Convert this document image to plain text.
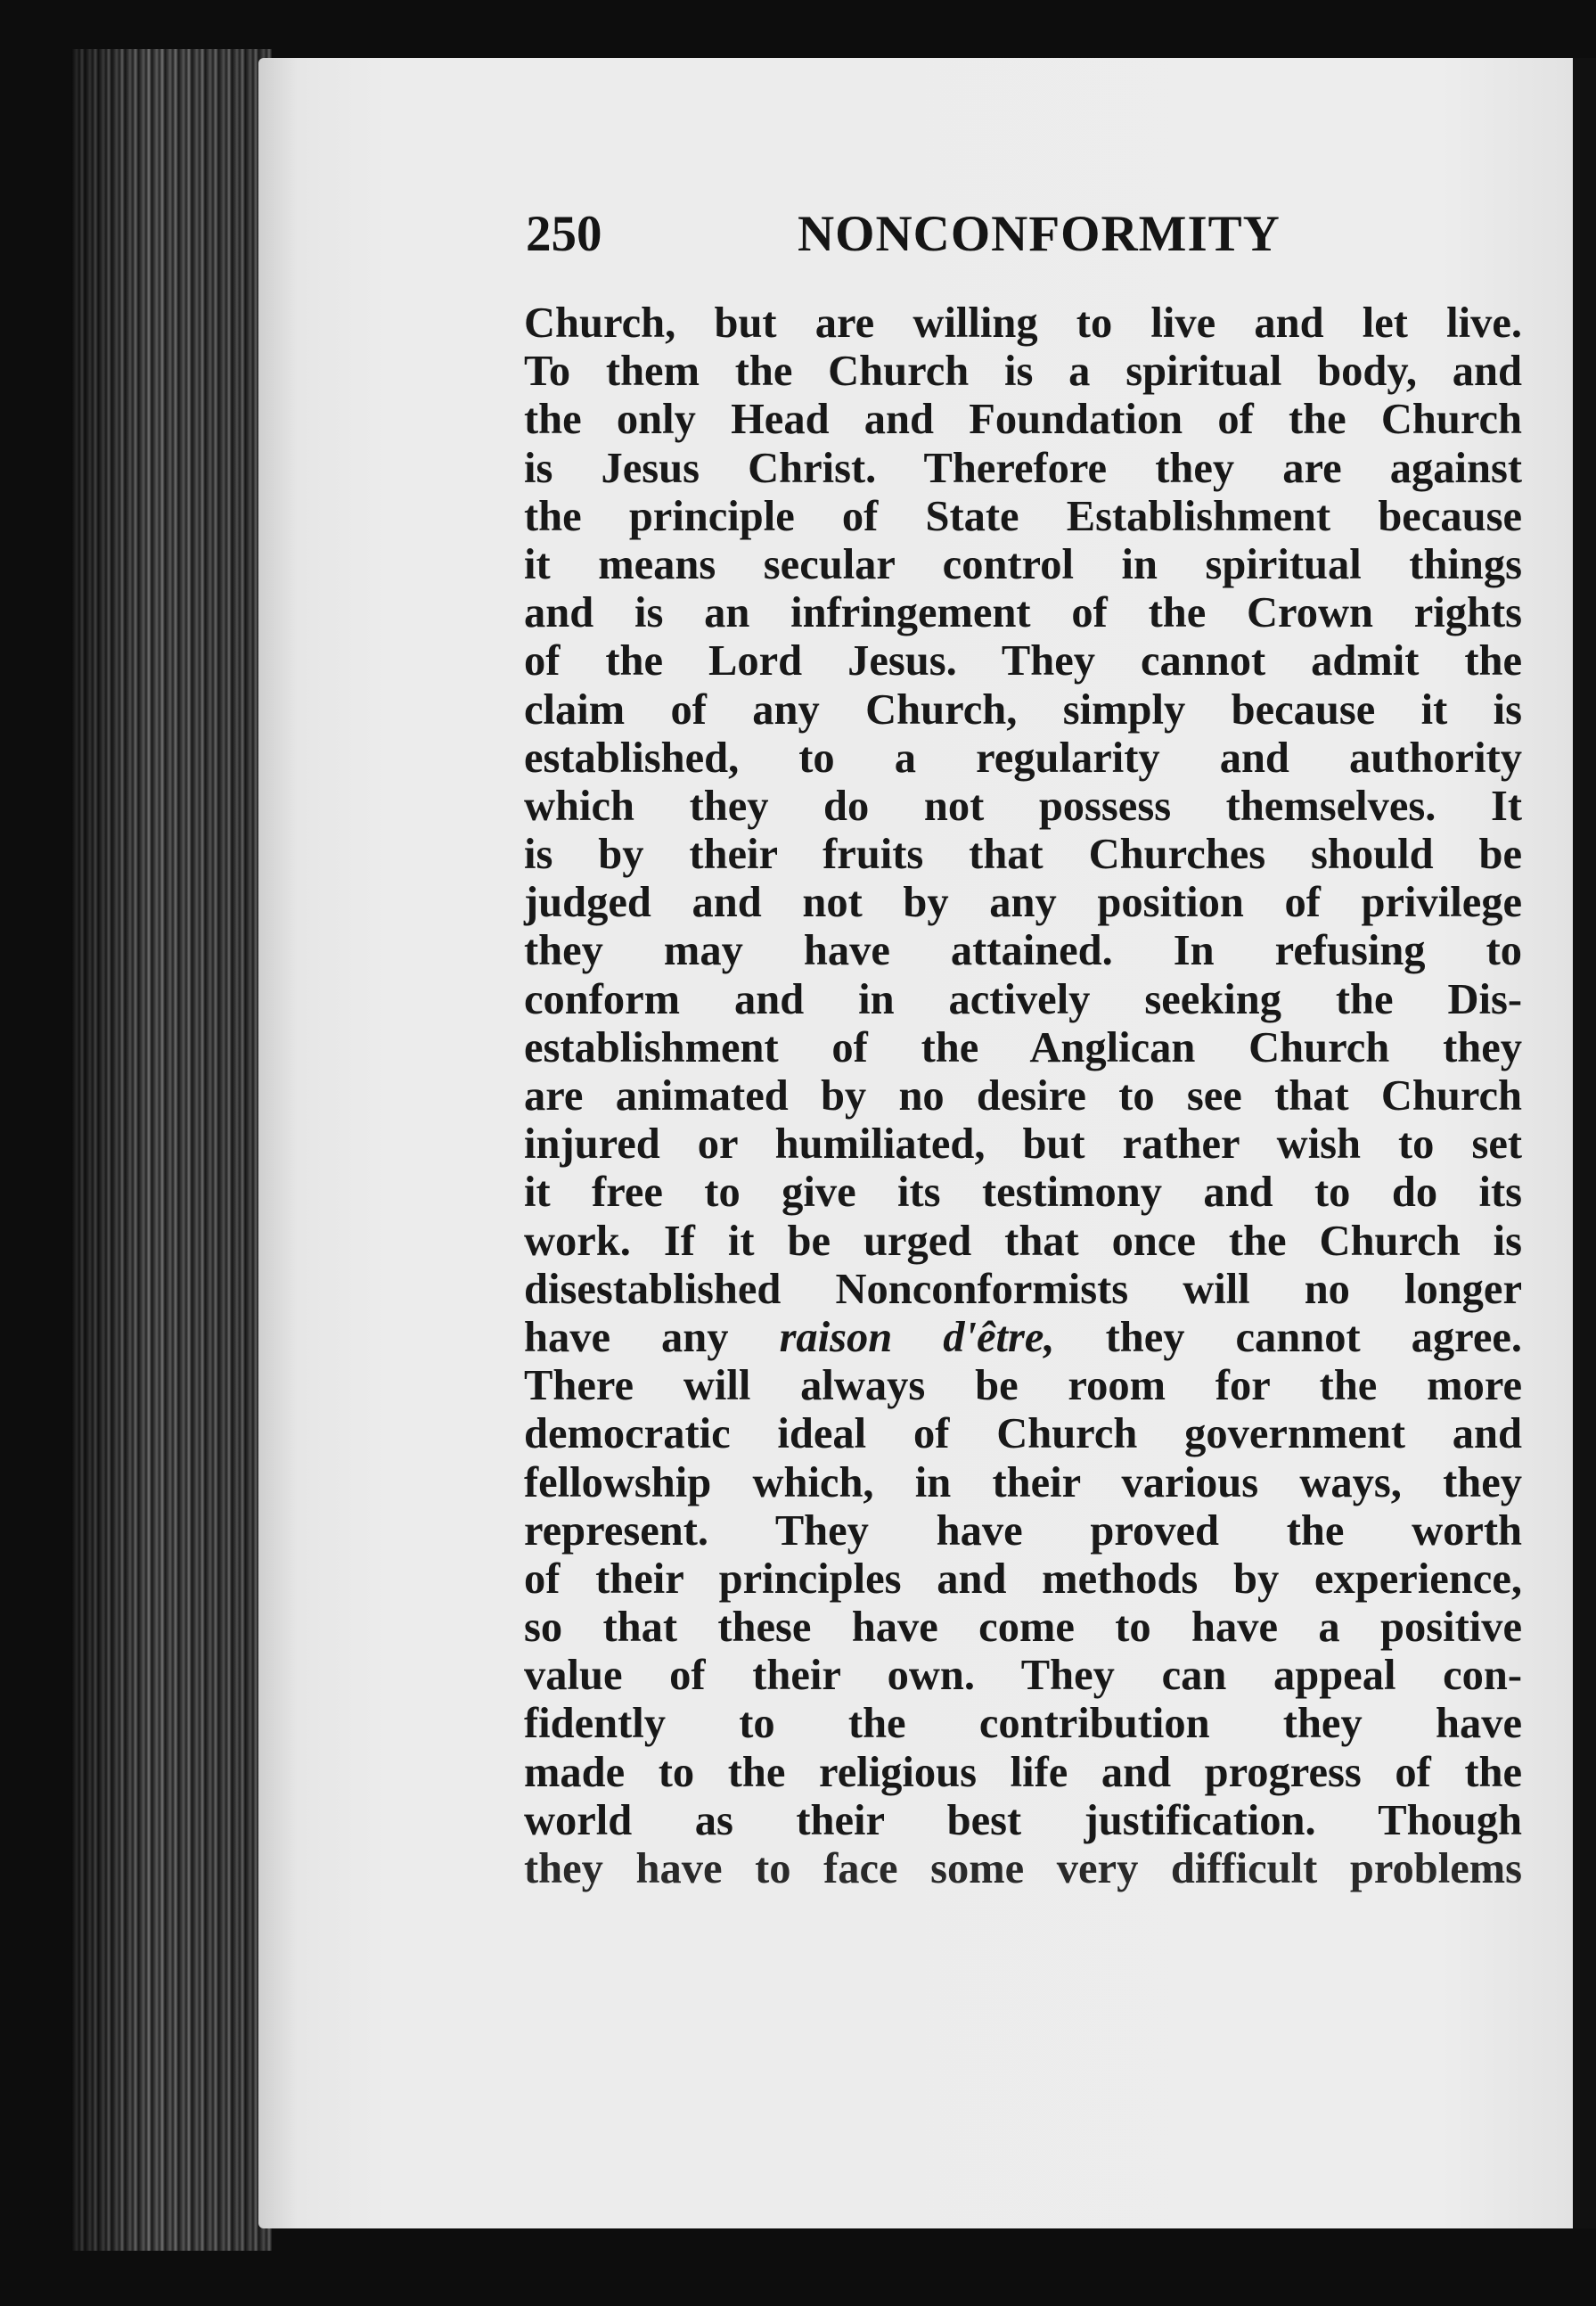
250	NONCONFORMITY
Church, but are willing to live and let live.
To them the Church is a spiritual body, and
the only Head and Foundation of the Church
is Jesus Christ. Therefore they are against
the principle of State Establishment because
it means secular control in spiritual things
and is an infringement of the Crown rights
of the Lord Jesus. They cannot admit the
claim of any Church, simply because it is
established, to a regularity and authority
which they do not possess themselves. It
is by their fruits that Churches should be
judged and not by any position of privilege
they may have attained. In refusing to
conform and in actively seeking the Dis-
establishment of the Anglican Church they
are animated by no desire to see that Church
injured or humiliated, but rather wish to set
it free to give its testimony and to do its
work. If it be urged that once the Church is
disestablished Nonconformists will no longer
have any raison d'être, they cannot agree.
There will always be room for the more
democratic ideal of Church government and
fellowship which, in their various ways, they
represent. They have proved the worth
of their principles and methods by experience,
so that these have come to have a positive
value of their own. They can appeal con-
fidently to the contribution they have
made to the religious life and progress of the
world as their best justification. Though
they have to face some very difficult problems
